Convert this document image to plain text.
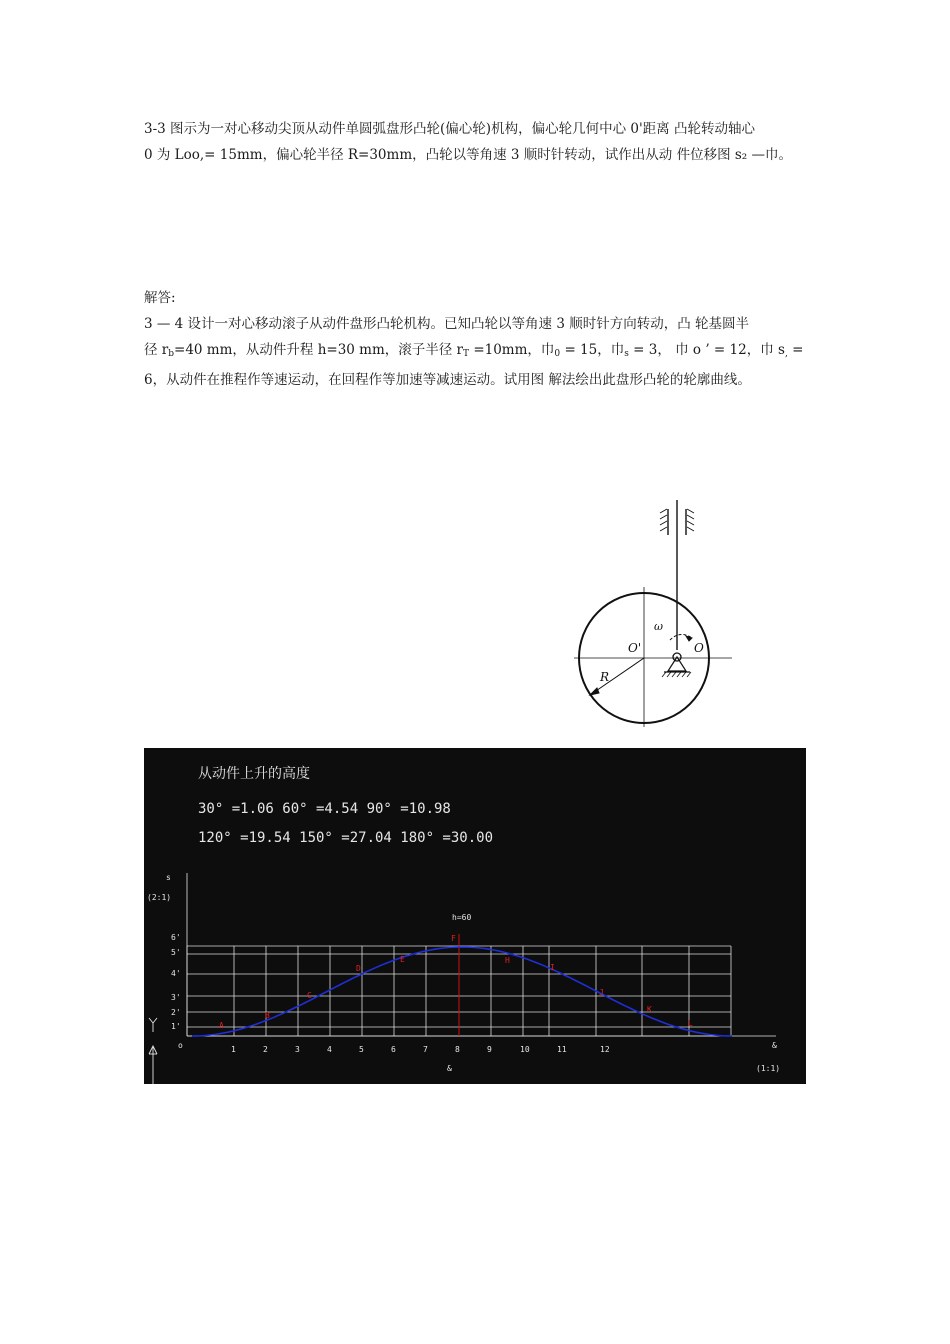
3-3 图示为一对心移动尖顶从动件单圆弧盘形凸轮(偏心轮)机构，偏心轮几何中心 0'距离 凸轮转动轴心

0 为 Loo,= 15mm，偏心轮半径 R=30mm，凸轮以等角速 3 顺时针转动，试作出从动 件位移图 s₂ —巾。

解答:

3 — 4 设计一对心移动滚子从动件盘形凸轮机构。已知凸轮以等角速 3 顺时针方向转动，凸 轮基圆半

径 $r_b=40$ mm，从动件升程 h=30 mm，滚子半径 $r_T =10mm$，巾$_0$ = 15，巾$_s$ = 3， 巾 o ’ = 12，巾 $s_,$ =

6，从动件在推程作等速运动，在回程作等加速等减速运动。试用图 解法绘出此盘形凸轮的轮廓曲线。

O'	O
ω
R
从动件上升的高度
30° =1.06 60° =4.54 90° =10.98
120° =19.54 150° =27.04 180° =30.00
1'
2'
3'
4'
5'
6'
1	2	3	4	5	6	7	8	9	10	11	12
A
B
C
D
E
F
H
I
J
K
L
s
(2:1)
h=60
o	&
&	(1:1)
